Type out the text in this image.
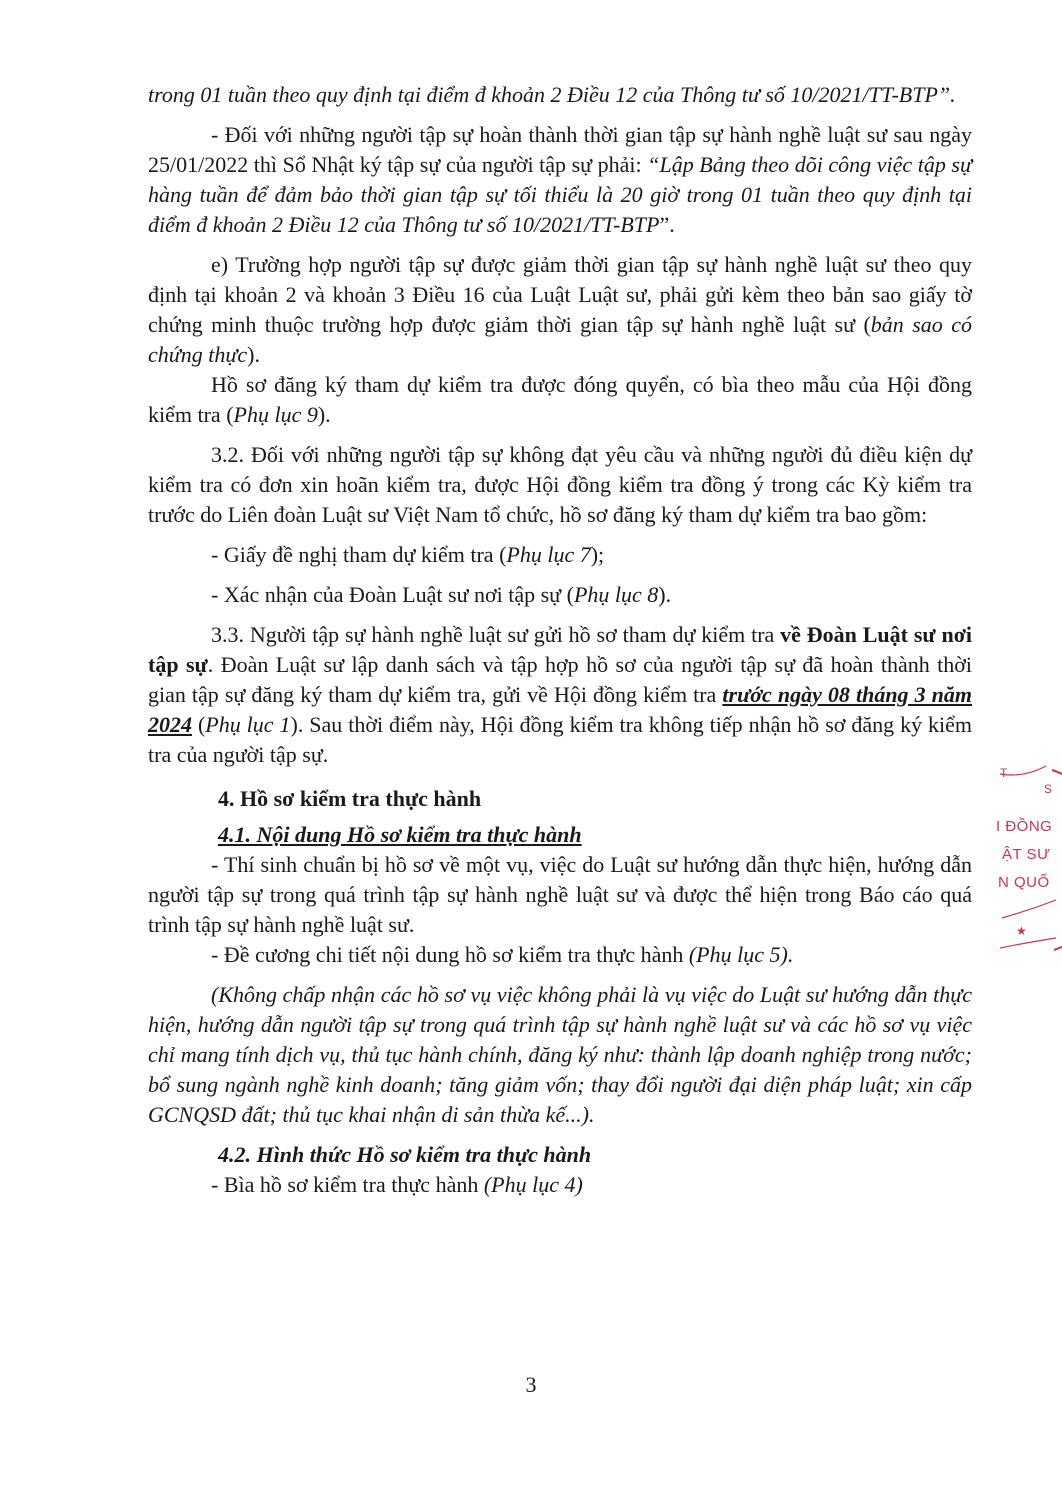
trong 01 tuần theo quy định tại điểm đ khoản 2 Điều 12 của Thông tư số 10/2021/TT-BTP”.

- Đối với những người tập sự hoàn thành thời gian tập sự hành nghề luật sư sau ngày 25/01/2022 thì Sổ Nhật ký tập sự của người tập sự phải: “Lập Bảng theo dõi công việc tập sự hàng tuần để đảm bảo thời gian tập sự tối thiểu là 20 giờ trong 01 tuần theo quy định tại điểm đ khoản 2 Điều 12 của Thông tư số 10/2021/TT-BTP”.

e) Trường hợp người tập sự được giảm thời gian tập sự hành nghề luật sư theo quy định tại khoản 2 và khoản 3 Điều 16 của Luật Luật sư, phải gửi kèm theo bản sao giấy tờ chứng minh thuộc trường hợp được giảm thời gian tập sự hành nghề luật sư (bản sao có chứng thực).

Hồ sơ đăng ký tham dự kiểm tra được đóng quyển, có bìa theo mẫu của Hội đồng kiểm tra (Phụ lục 9).

3.2. Đối với những người tập sự không đạt yêu cầu và những người đủ điều kiện dự kiểm tra có đơn xin hoãn kiểm tra, được Hội đồng kiểm tra đồng ý trong các Kỳ kiểm tra trước do Liên đoàn Luật sư Việt Nam tổ chức, hồ sơ đăng ký tham dự kiểm tra bao gồm:

- Giấy đề nghị tham dự kiểm tra (Phụ lục 7);

- Xác nhận của Đoàn Luật sư nơi tập sự (Phụ lục 8).

3.3. Người tập sự hành nghề luật sư gửi hồ sơ tham dự kiểm tra về Đoàn Luật sư nơi tập sự. Đoàn Luật sư lập danh sách và tập hợp hồ sơ của người tập sự đã hoàn thành thời gian tập sự đăng ký tham dự kiểm tra, gửi về Hội đồng kiểm tra trước ngày 08 tháng 3 năm 2024 (Phụ lục 1). Sau thời điểm này, Hội đồng kiểm tra không tiếp nhận hồ sơ đăng ký kiểm tra của người tập sự.

4. Hồ sơ kiểm tra thực hành

4.1. Nội dung Hồ sơ kiểm tra thực hành

- Thí sinh chuẩn bị hồ sơ về một vụ, việc do Luật sư hướng dẫn thực hiện, hướng dẫn người tập sự trong quá trình tập sự hành nghề luật sư và được thể hiện trong Báo cáo quá trình tập sự hành nghề luật sư.

- Đề cương chi tiết nội dung hồ sơ kiểm tra thực hành (Phụ lục 5).

(Không chấp nhận các hồ sơ vụ việc không phải là vụ việc do Luật sư hướng dẫn thực hiện, hướng dẫn người tập sự trong quá trình tập sự hành nghề luật sư và các hồ sơ vụ việc chỉ mang tính dịch vụ, thủ tục hành chính, đăng ký như: thành lập doanh nghiệp trong nước; bổ sung ngành nghề kinh doanh; tăng giảm vốn; thay đổi người đại diện pháp luật; xin cấp GCNQSD đất; thủ tục khai nhận di sản thừa kế...).

4.2. Hình thức Hồ sơ kiểm tra thực hành

- Bìa hồ sơ kiểm tra thực hành (Phụ lục 4)

3
T
S
I ĐỒNG
ẬT SƯ
N QUỐ
★
